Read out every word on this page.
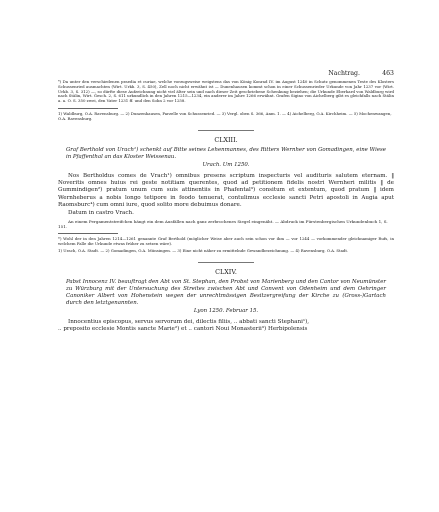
Nachtrag.	463

⁴) Da unter den verschiedenen praedia et curiae, welche vorzugsweise weigstens das von König Konrad IV. im August 1240 in Schutz genommenen Teste des Klosters Schussenried ausmachten (Wirt. Urkb. 3, S. 450), Zell noch nicht erwähnt ist — Dunenhausen kommt schon in einer Schussenrieder Urkunde von Jahr 1237 vor (Wirt. Urkb. 3, S. 312) —, so dürfte diese Aufzeichnung nicht viel älter sein und nach dieser Zeit geschriebene Schenkung beziehen; die Urkunde Eberhard von Waldburg wird nach Stälin, Wirt. Gesch. 2, S. 611 urkundlich in den Jahren 1215—1234, ein anderer im Jahre 1266 erwähnt. Grafen Sigino von Aichelberg gibt es gleichfalls nach Stälin a. a. O. S. 350 zwei, den Vater 1231 ff. und den Sohn 2 vor 1258.

1) Waldburg, O.A. Ravensburg. — 2) Dunzenhausen, Parzelle von Schussenried. — 3) Vergl. oben S. 366, Anm. 1. — 4) Aichelberg, O.A. Kirchheim. — 5) Mochenwangen, O.A. Ravensburg.

CLXIII.

Graf Berthold von Urach¹) schenkt auf Bitte seines Lehenmannes, des Ritters Wernher von Gomadingen, eine Wiese in Pfaffenthal an das Kloster Weissenau.

Urach. Um 1250.

Nos Bertholdus comes de Vrach¹) omnibus presens scriptum inspecturis vel audituris salutem eternam. ‖ Noveritis omnes huius rei geste notitiam querentes, quod ad petitionem fidelis nostri Wernheri militis ‖ de Gummindigen²) pratum unum cum suis attinentiis in Phafental³) consitum et extentum, quod pratum ‖ idem Wernheberus a nobis longo tetipore in feodo tenuerat, contulimus ecclesie sancti Petri apostoli in Augia aput Raomsburc⁴) cum omni iure, quod solito more debuimus donare.

Datum in castro Vrach.

An einem Pergamentstreifchen hängt ein dem Ausfällen nach ganz zerbrochenes Siegel eingenäht. — Abdruck im Fürstenbergischen Urkundenbuch 1, S. 151.

*) Wohl der in den Jahren 1214—1261 genannte Graf Berthold (möglicher Weise aber auch sein schon vor ihm — vor 1244 — vorkommender gleichnamiger Rufs, in welchem Falle die Urkunde etwas früher zu setzen wäre).

1) Urach, O.A. Stadt. — 2) Gomadingen, O.A. Münsingen. — 3) Eine nicht näher zu ermittelnde Gewandbezeichnung. — 4) Ravensburg, O.A. Stadt.

CLXIV.

Pabst Innocenz IV. beauftragt den Abt von St. Stephan, den Probst von Marienberg und den Cantor von Neumünster zu Würzburg mit der Untersuchung des Streites zwischen Abt und Convent von Odenheim und dem Oehringer Canoniker Albert von Hohenstein wegen der unrechtmässigen Besitzergreifung der Kirche zu (Gross-)Gartach durch den letztgenannten.

Lyon 1250. Februar 15.

Innocentius episcopus, servus servorum dei, dilectis filiis, .. abbati sancti Stephani¹),

.. preposito ecclesie Montis sancte Marie²) et .. cantori Noui Monasterii³) Herbipolensis
